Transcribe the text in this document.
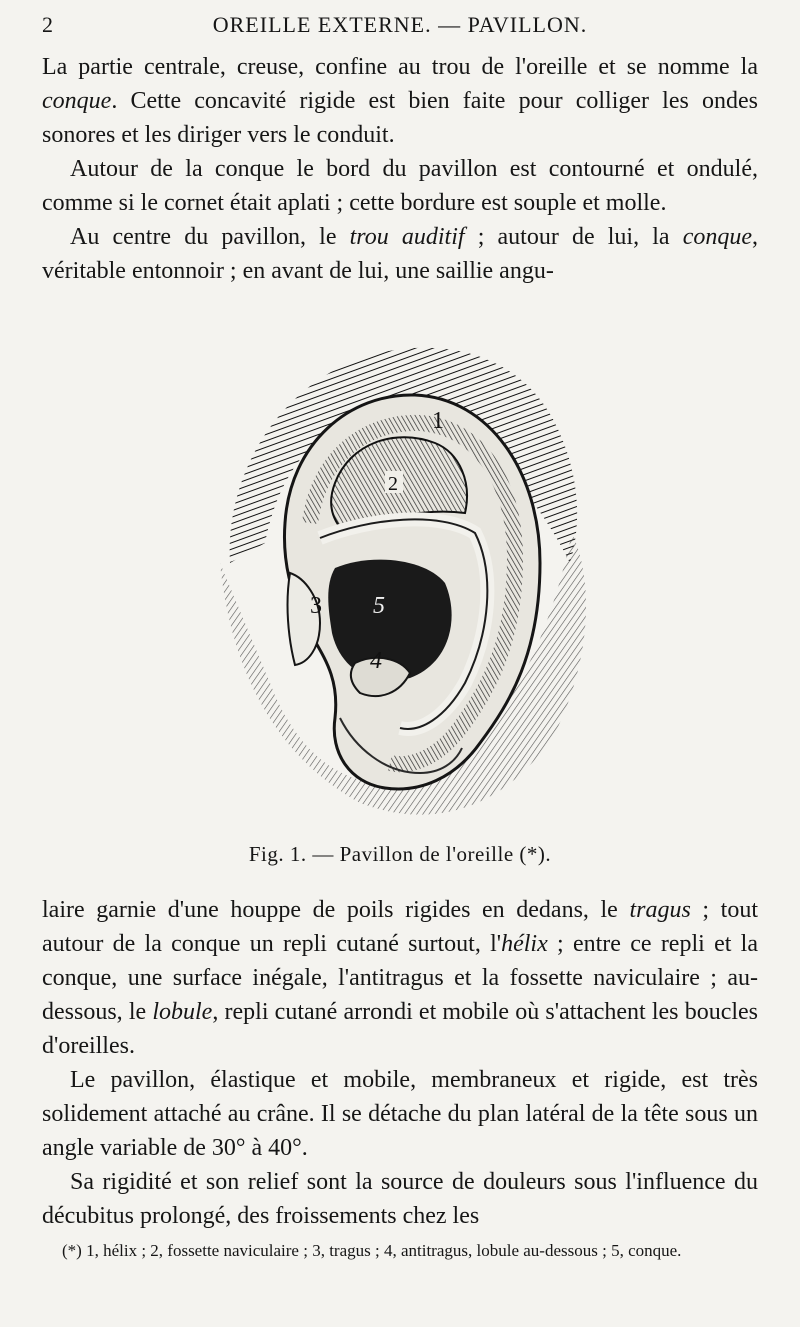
2	OREILLE EXTERNE. — PAVILLON.

La partie centrale, creuse, confine au trou de l'oreille et se nomme la conque. Cette concavité rigide est bien faite pour colliger les ondes sonores et les diriger vers le conduit.

Autour de la conque le bord du pavillon est contourné et ondulé, comme si le cornet était aplati ; cette bordure est souple et molle.

Au centre du pavillon, le trou auditif ; autour de lui, la conque, véritable entonnoir ; en avant de lui, une saillie angu-

1
2
3 5
4
Fig. 1. — Pavillon de l'oreille (*).

laire garnie d'une houppe de poils rigides en dedans, le tragus ; tout autour de la conque un repli cutané surtout, l'hélix ; entre ce repli et la conque, une surface inégale, l'antitragus et la fossette naviculaire ; au-dessous, le lobule, repli cutané arrondi et mobile où s'attachent les boucles d'oreilles.

Le pavillon, élastique et mobile, membraneux et rigide, est très solidement attaché au crâne. Il se détache du plan latéral de la tête sous un angle variable de 30° à 40°.

Sa rigidité et son relief sont la source de douleurs sous l'influence du décubitus prolongé, des froissements chez les

(*) 1, hélix ; 2, fossette naviculaire ; 3, tragus ; 4, antitragus, lobule au-dessous ; 5, conque.
